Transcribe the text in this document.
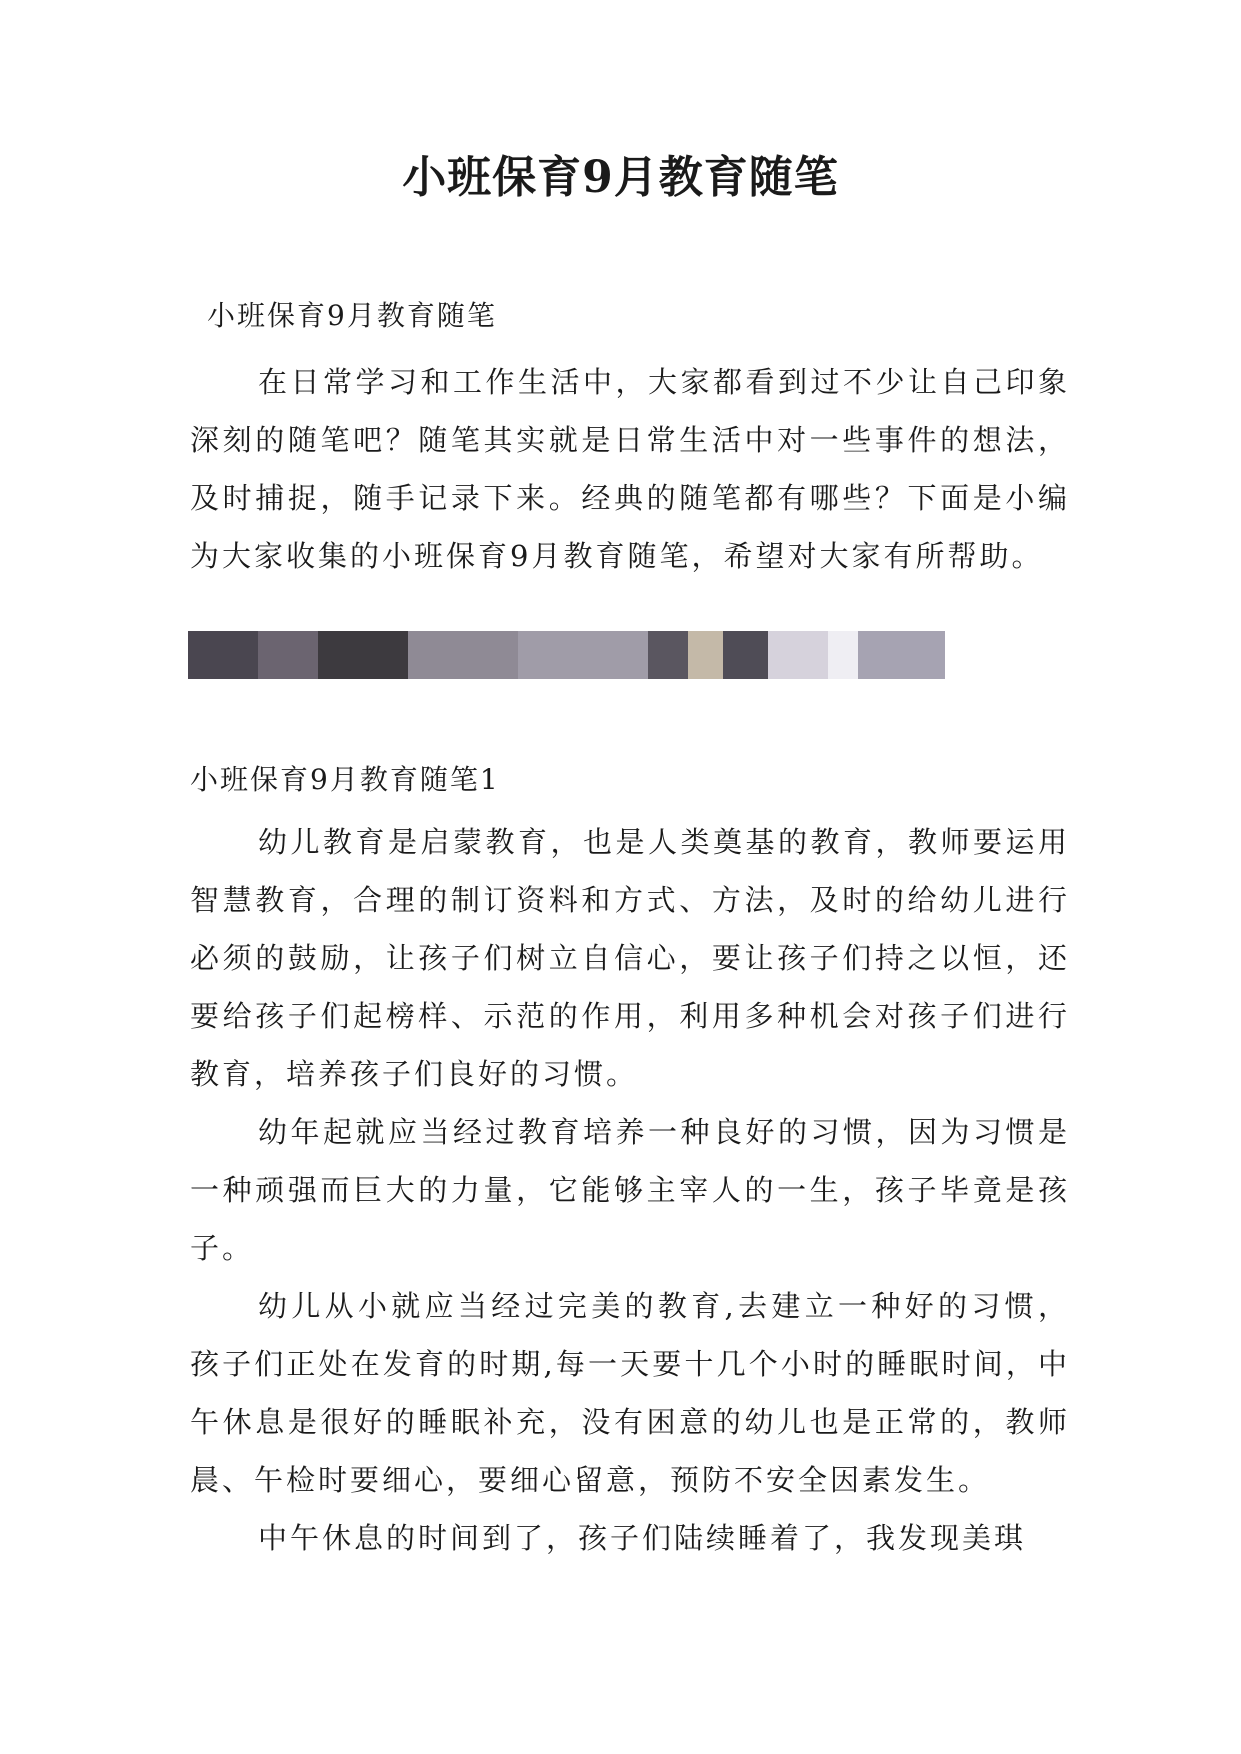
小班保育9月教育随笔
小班保育9月教育随笔

在日常学习和工作生活中，大家都看到过不少让自己印象深刻的随笔吧？随笔其实就是日常生活中对一些事件的想法，及时捕捉，随手记录下来。经典的随笔都有哪些？下面是小编为大家收集的小班保育9月教育随笔，希望对大家有所帮助。

小班保育9月教育随笔1

幼儿教育是启蒙教育，也是人类奠基的教育，教师要运用智慧教育，合理的制订资料和方式、方法，及时的给幼儿进行必须的鼓励，让孩子们树立自信心，要让孩子们持之以恒，还要给孩子们起榜样、示范的作用，利用多种机会对孩子们进行教育，培养孩子们良好的习惯。

幼年起就应当经过教育培养一种良好的习惯，因为习惯是一种顽强而巨大的力量，它能够主宰人的一生，孩子毕竟是孩子。

幼儿从小就应当经过完美的教育,去建立一种好的习惯，孩子们正处在发育的时期,每一天要十几个小时的睡眠时间，中午休息是很好的睡眠补充，没有困意的幼儿也是正常的，教师晨、午检时要细心，要细心留意，预防不安全因素发生。

中午休息的时间到了，孩子们陆续睡着了，我发现美琪
